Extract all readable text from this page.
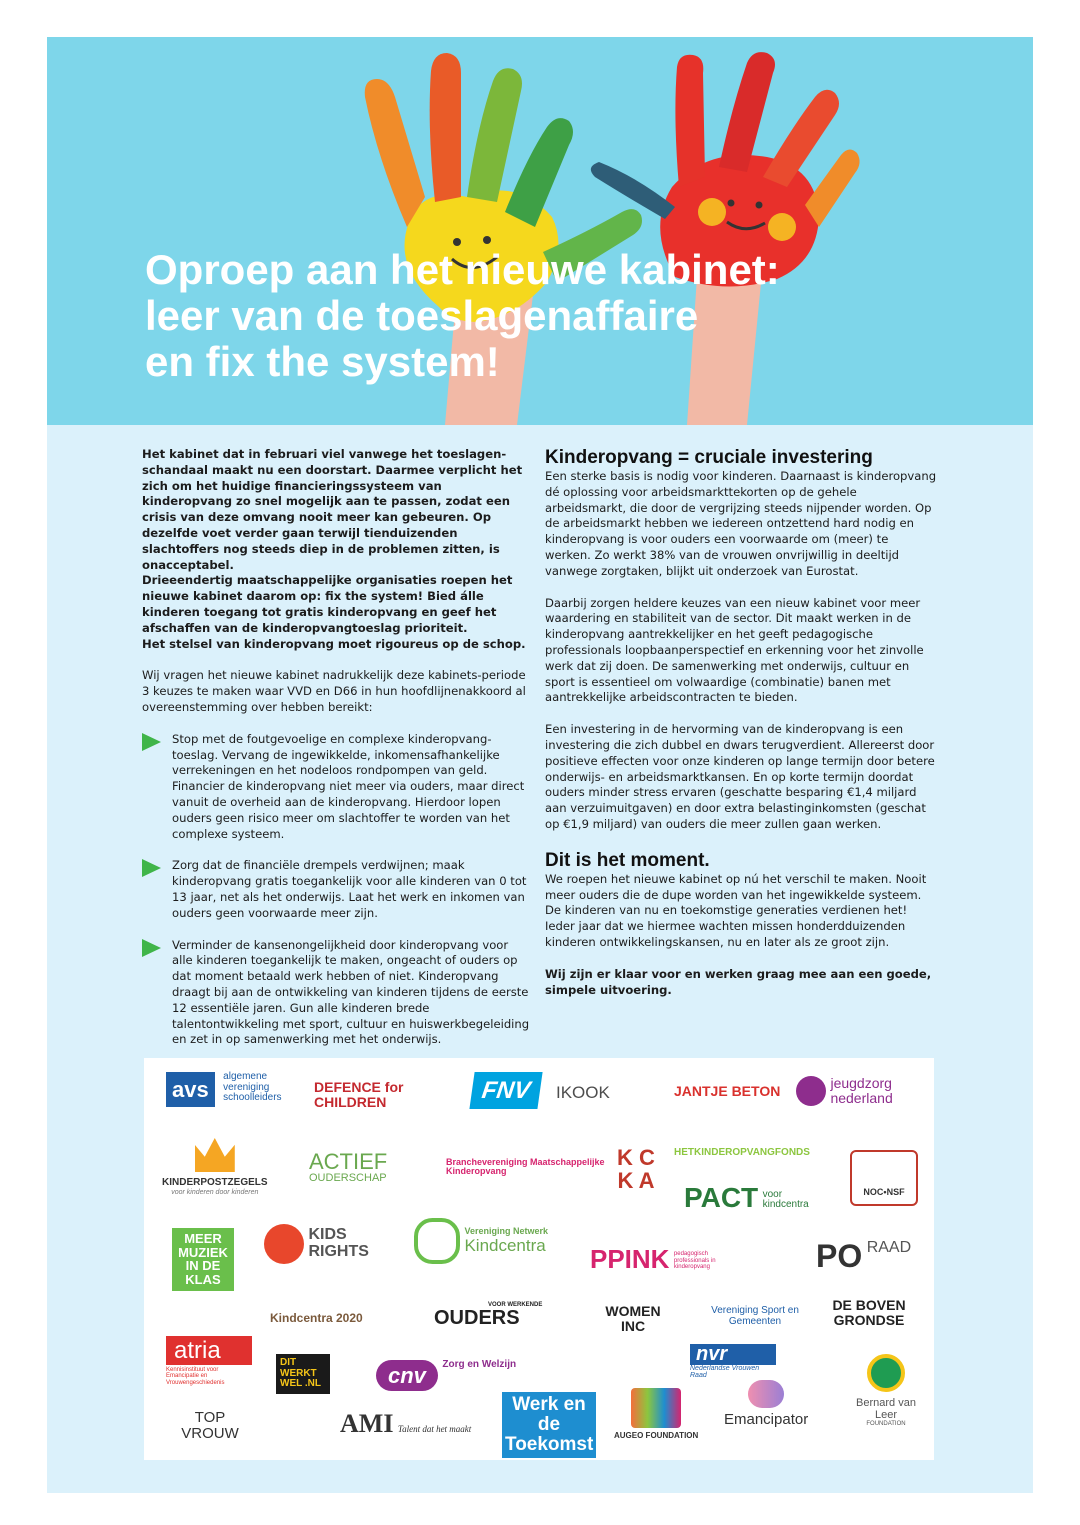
Oproep aan het nieuwe kabinet:
leer van de toeslagenaffaire
en fix the system!

Het kabinet dat in februari viel vanwege het toeslagen-schandaal maakt nu een doorstart. Daarmee verplicht het zich om het huidige financieringssysteem van kinderopvang zo snel mogelijk aan te passen, zodat een crisis van deze omvang nooit meer kan gebeuren. Op dezelfde voet verder gaan terwijl tienduizenden slachtoffers nog steeds diep in de problemen zitten, is onacceptabel.

Drieeendertig maatschappelijke organisaties roepen het nieuwe kabinet daarom op: fix the system! Bied álle kinderen toegang tot gratis kinderopvang en geef het afschaffen van de kinderopvangtoeslag prioriteit.

Het stelsel van kinderopvang moet rigoureus op de schop.

Wij vragen het nieuwe kabinet nadrukkelijk deze kabinets-periode 3 keuzes te maken waar VVD en D66 in hun hoofdlijnenakkoord al overeenstemming over hebben bereikt:

Stop met de foutgevoelige en complexe kinderopvang-toeslag. Vervang de ingewikkelde, inkomensafhankelijke verrekeningen en het nodeloos rondpompen van geld. Financier de kinderopvang niet meer via ouders, maar direct vanuit de overheid aan de kinderopvang. Hierdoor lopen ouders geen risico meer om slachtoffer te worden van het complexe systeem.

Zorg dat de financiële drempels verdwijnen; maak kinderopvang gratis toegankelijk voor alle kinderen van 0 tot 13 jaar, net als het onderwijs. Laat het werk en inkomen van ouders geen voorwaarde meer zijn.

Verminder de kansenongelijkheid door kinderopvang voor alle kinderen toegankelijk te maken, ongeacht of ouders op dat moment betaald werk hebben of niet. Kinderopvang draagt bij aan de ontwikkeling van kinderen tijdens de eerste 12 essentiële jaren. Gun alle kinderen brede talentontwikkeling met sport, cultuur en huiswerkbegeleiding en zet in op samenwerking met het onderwijs.

Kinderopvang = cruciale investering

Een sterke basis is nodig voor kinderen. Daarnaast is kinderopvang dé oplossing voor arbeidsmarkttekorten op de gehele arbeidsmarkt, die door de vergrijzing steeds nijpender worden. Op de arbeidsmarkt hebben we iedereen ontzettend hard nodig en kinderopvang is voor ouders een voorwaarde om (meer) te werken. Zo werkt 38% van de vrouwen onvrijwillig in deeltijd vanwege zorgtaken, blijkt uit onderzoek van Eurostat.

Daarbij zorgen heldere keuzes van een nieuw kabinet voor meer waardering en stabiliteit van de sector. Dit maakt werken in de kinderopvang aantrekkelijker en het geeft pedagogische professionals loopbaanperspectief en erkenning voor het zinvolle werk dat zij doen. De samenwerking met onderwijs, cultuur en sport is essentieel om volwaardige (combinatie) banen met aantrekkelijke arbeidscontracten te bieden.

Een investering in de hervorming van de kinderopvang is een investering die zich dubbel en dwars terugverdient. Allereerst door positieve effecten voor onze kinderen op lange termijn door betere onderwijs- en arbeidsmarktkansen. En op korte termijn doordat ouders minder stress ervaren (geschatte besparing €1,4 miljard aan verzuimuitgaven) en door extra belastinginkomsten (geschat op €1,9 miljard) van ouders die meer zullen gaan werken.

Dit is het moment.

We roepen het nieuwe kabinet op nú het verschil te maken. Nooit meer ouders die de dupe worden van het ingewikkelde systeem. De kinderen van nu en toekomstige generaties verdienen het! Ieder jaar dat we hiermee wachten missen honderdduizenden kinderen ontwikkelingskansen, nu en later als ze groot zijn.

Wij zijn er klaar voor en werken graag mee aan een goede, simpele uitvoering.

avs algemene vereniging schoolleiders
DEFENCE for CHILDREN	FNV	IKOOK	JANTJE BETON	jeugdzorg nederland
KINDERPOSTZEGELS
voor kinderen door kinderen
ACTIEF
OUDERSCHAP
Branchevereniging Maatschappelijke Kinderopvang
K C K A
HETKINDEROPVANGFONDS
PACT voor kindcentra
NOC•NSF
MEER MUZIEK IN DE KLAS
KIDS RIGHTS

Vereniging Netwerk
Kindcentra PPINK pedagogisch professionals in kinderopvang
Vereniging Sport en Gemeenten
PO RAAD
Kindcentra 2020
VOOR WERKENDE
OUDERS	WOMEN INC
DE BOVEN GRONDSE
atria
Kennisinstituut voor Emancipatie en Vrouwengeschiedenis
DIT WERKT WEL .NL	cnv Zorg en Welzijn	nvr
Nederlandse Vrouwen Raad
Emancipator
Bernard van Leer
FOUNDATION
TOP VROUW	AMI Talent dat het maakt
Werk en de Toekomst	AUGEO FOUNDATION
